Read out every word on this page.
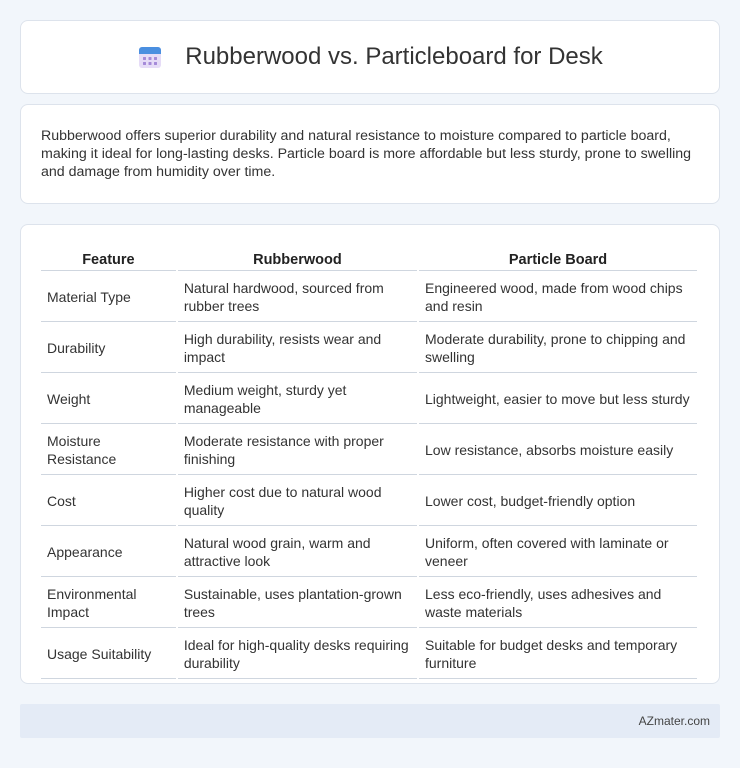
Rubberwood vs. Particleboard for Desk

Rubberwood offers superior durability and natural resistance to moisture compared to particle board, making it ideal for long-lasting desks. Particle board is more affordable but less sturdy, prone to swelling and damage from humidity over time.

Feature	Rubberwood	Particle Board
Material Type	Natural hardwood, sourced from rubber trees	Engineered wood, made from wood chips and resin
Durability	High durability, resists wear and impact	Moderate durability, prone to chipping and swelling
Weight	Medium weight, sturdy yet manageable	Lightweight, easier to move but less sturdy
Moisture Resistance	Moderate resistance with proper finishing	Low resistance, absorbs moisture easily
Cost	Higher cost due to natural wood quality	Lower cost, budget-friendly option
Appearance	Natural wood grain, warm and attractive look	Uniform, often covered with laminate or veneer
Environmental Impact	Sustainable, uses plantation-grown trees	Less eco-friendly, uses adhesives and waste materials
Usage Suitability	Ideal for high-quality desks requiring durability	Suitable for budget desks and temporary furniture
AZmater.com
